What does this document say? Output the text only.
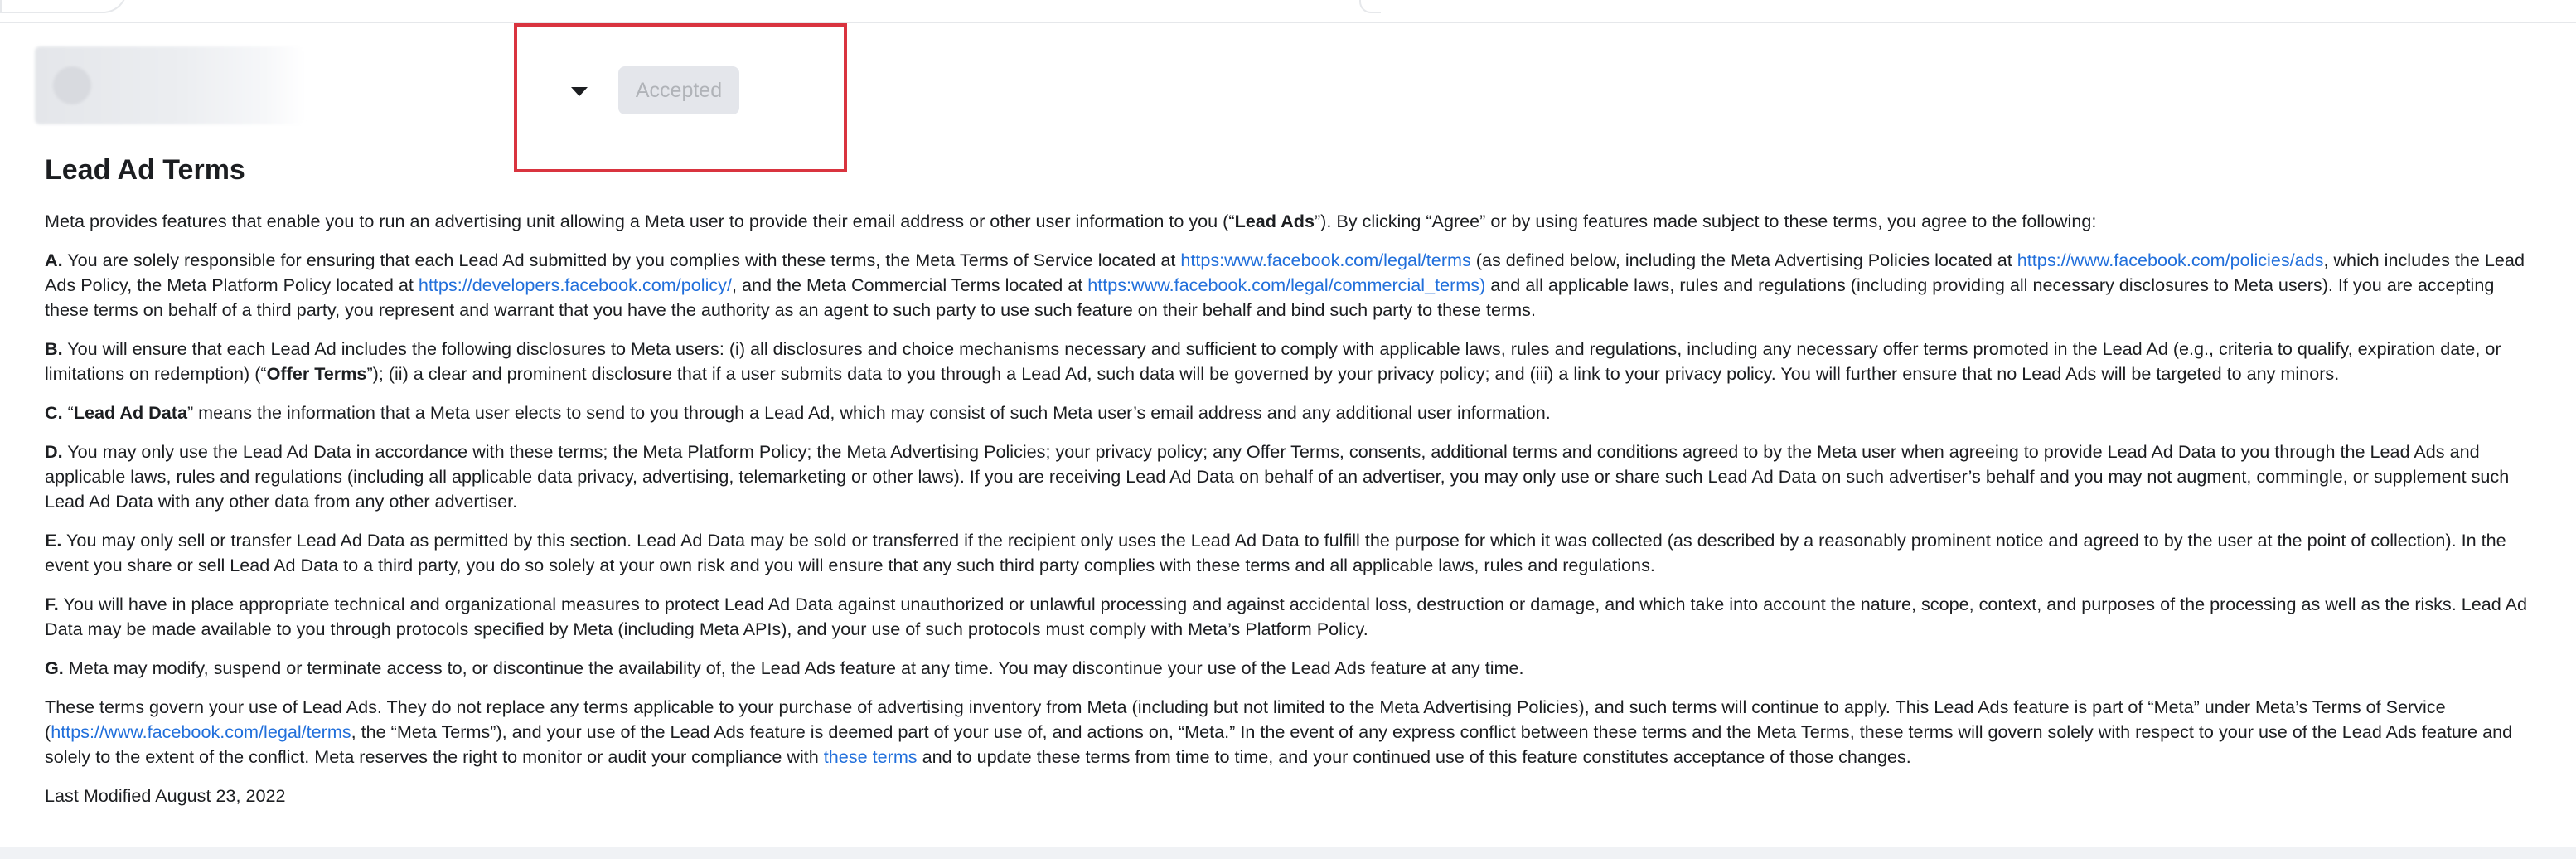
Accepted
Lead Ad Terms

Meta provides features that enable you to run an advertising unit allowing a Meta user to provide their email address or other user information to you (“Lead Ads”). By clicking “Agree” or by using features made subject to these terms, you agree to the following:

A. You are solely responsible for ensuring that each Lead Ad submitted by you complies with these terms, the Meta Terms of Service located at https:www.facebook.com/legal/terms (as defined below, including the Meta Advertising Policies located at https://www.facebook.com/policies/ads, which includes the Lead Ads Policy, the Meta Platform Policy located at https://developers.facebook.com/policy/, and the Meta Commercial Terms located at https:www.facebook.com/legal/commercial_terms) and all applicable laws, rules and regulations (including providing all necessary disclosures to Meta users). If you are accepting these terms on behalf of a third party, you represent and warrant that you have the authority as an agent to such party to use such feature on their behalf and bind such party to these terms.

B. You will ensure that each Lead Ad includes the following disclosures to Meta users: (i) all disclosures and choice mechanisms necessary and sufficient to comply with applicable laws, rules and regulations, including any necessary offer terms promoted in the Lead Ad (e.g., criteria to qualify, expiration date, or limitations on redemption) (“Offer Terms”); (ii) a clear and prominent disclosure that if a user submits data to you through a Lead Ad, such data will be governed by your privacy policy; and (iii) a link to your privacy policy. You will further ensure that no Lead Ads will be targeted to any minors.

C. “Lead Ad Data” means the information that a Meta user elects to send to you through a Lead Ad, which may consist of such Meta user’s email address and any additional user information.

D. You may only use the Lead Ad Data in accordance with these terms; the Meta Platform Policy; the Meta Advertising Policies; your privacy policy; any Offer Terms, consents, additional terms and conditions agreed to by the Meta user when agreeing to provide Lead Ad Data to you through the Lead Ads and applicable laws, rules and regulations (including all applicable data privacy, advertising, telemarketing or other laws). If you are receiving Lead Ad Data on behalf of an advertiser, you may only use or share such Lead Ad Data on such advertiser’s behalf and you may not augment, commingle, or supplement such Lead Ad Data with any other data from any other advertiser.

E. You may only sell or transfer Lead Ad Data as permitted by this section. Lead Ad Data may be sold or transferred if the recipient only uses the Lead Ad Data to fulfill the purpose for which it was collected (as described by a reasonably prominent notice and agreed to by the user at the point of collection). In the event you share or sell Lead Ad Data to a third party, you do so solely at your own risk and you will ensure that any such third party complies with these terms and all applicable laws, rules and regulations.

F. You will have in place appropriate technical and organizational measures to protect Lead Ad Data against unauthorized or unlawful processing and against accidental loss, destruction or damage, and which take into account the nature, scope, context, and purposes of the processing as well as the risks. Lead Ad Data may be made available to you through protocols specified by Meta (including Meta APIs), and your use of such protocols must comply with Meta’s Platform Policy.

G. Meta may modify, suspend or terminate access to, or discontinue the availability of, the Lead Ads feature at any time. You may discontinue your use of the Lead Ads feature at any time.

These terms govern your use of Lead Ads. They do not replace any terms applicable to your purchase of advertising inventory from Meta (including but not limited to the Meta Advertising Policies), and such terms will continue to apply. This Lead Ads feature is part of “Meta” under Meta’s Terms of Service (https://www.facebook.com/legal/terms, the “Meta Terms”), and your use of the Lead Ads feature is deemed part of your use of, and actions on, “Meta.” In the event of any express conflict between these terms and the Meta Terms, these terms will govern solely with respect to your use of the Lead Ads feature and solely to the extent of the conflict. Meta reserves the right to monitor or audit your compliance with these terms and to update these terms from time to time, and your continued use of this feature constitutes acceptance of those changes.

Last Modified August 23, 2022
